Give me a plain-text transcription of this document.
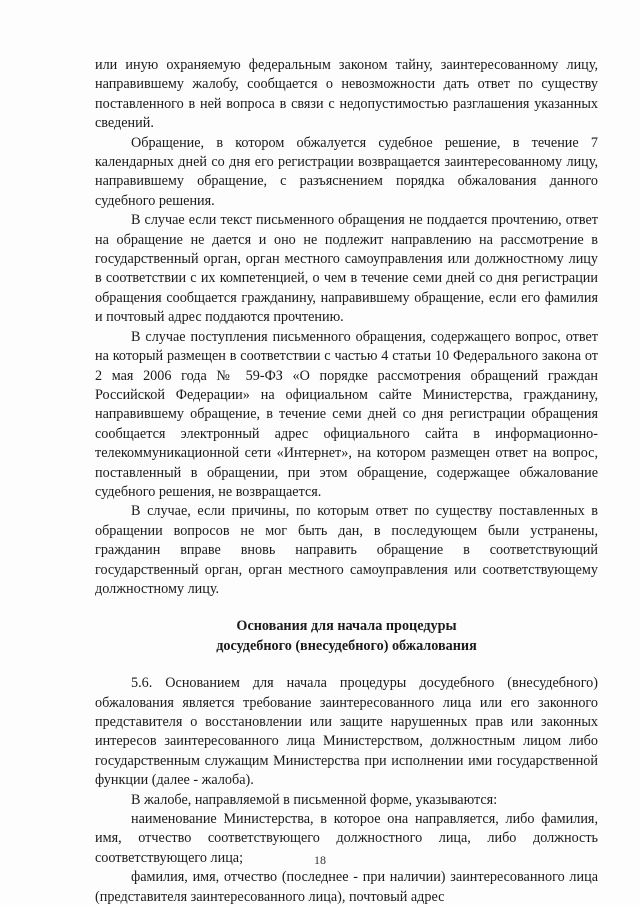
или иную охраняемую федеральным законом тайну, заинтересованному лицу, направившему жалобу, сообщается о невозможности дать ответ по существу поставленного в ней вопроса в связи с недопустимостью разглашения указанных сведений.

Обращение, в котором обжалуется судебное решение, в течение 7 календарных дней со дня его регистрации возвращается заинтересованному лицу, направившему обращение, с разъяснением порядка обжалования данного судебного решения.

В случае если текст письменного обращения не поддается прочтению, ответ на обращение не дается и оно не подлежит направлению на рассмотрение в государственный орган, орган местного самоуправления или должностному лицу в соответствии с их компетенцией, о чем в течение семи дней со дня регистрации обращения сообщается гражданину, направившему обращение, если его фамилия и почтовый адрес поддаются прочтению.

В случае поступления письменного обращения, содержащего вопрос, ответ на который размещен в соответствии с частью 4 статьи 10 Федерального закона от 2 мая 2006 года № 59-ФЗ «О порядке рассмотрения обращений граждан Российской Федерации» на официальном сайте Министерства, гражданину, направившему обращение, в течение семи дней со дня регистрации обращения сообщается электронный адрес официального сайта в информационно-телекоммуникационной сети «Интернет», на котором размещен ответ на вопрос, поставленный в обращении, при этом обращение, содержащее обжалование судебного решения, не возвращается.

В случае, если причины, по которым ответ по существу поставленных в обращении вопросов не мог быть дан, в последующем были устранены, гражданин вправе вновь направить обращение в соответствующий государственный орган, орган местного самоуправления или соответствующему должностному лицу.

Основания для начала процедуры

досудебного (внесудебного) обжалования

5.6. Основанием для начала процедуры досудебного (внесудебного) обжалования является требование заинтересованного лица или его законного представителя о восстановлении или защите нарушенных прав или законных интересов заинтересованного лица Министерством, должностным лицом либо государственным служащим Министерства при исполнении ими государственной функции (далее - жалоба).

В жалобе, направляемой в письменной форме, указываются:

наименование Министерства, в которое она направляется, либо фамилия, имя, отчество соответствующего должностного лица, либо должность соответствующего лица;

фамилия, имя, отчество (последнее - при наличии) заинтересованного лица (представителя заинтересованного лица), почтовый адрес

18
